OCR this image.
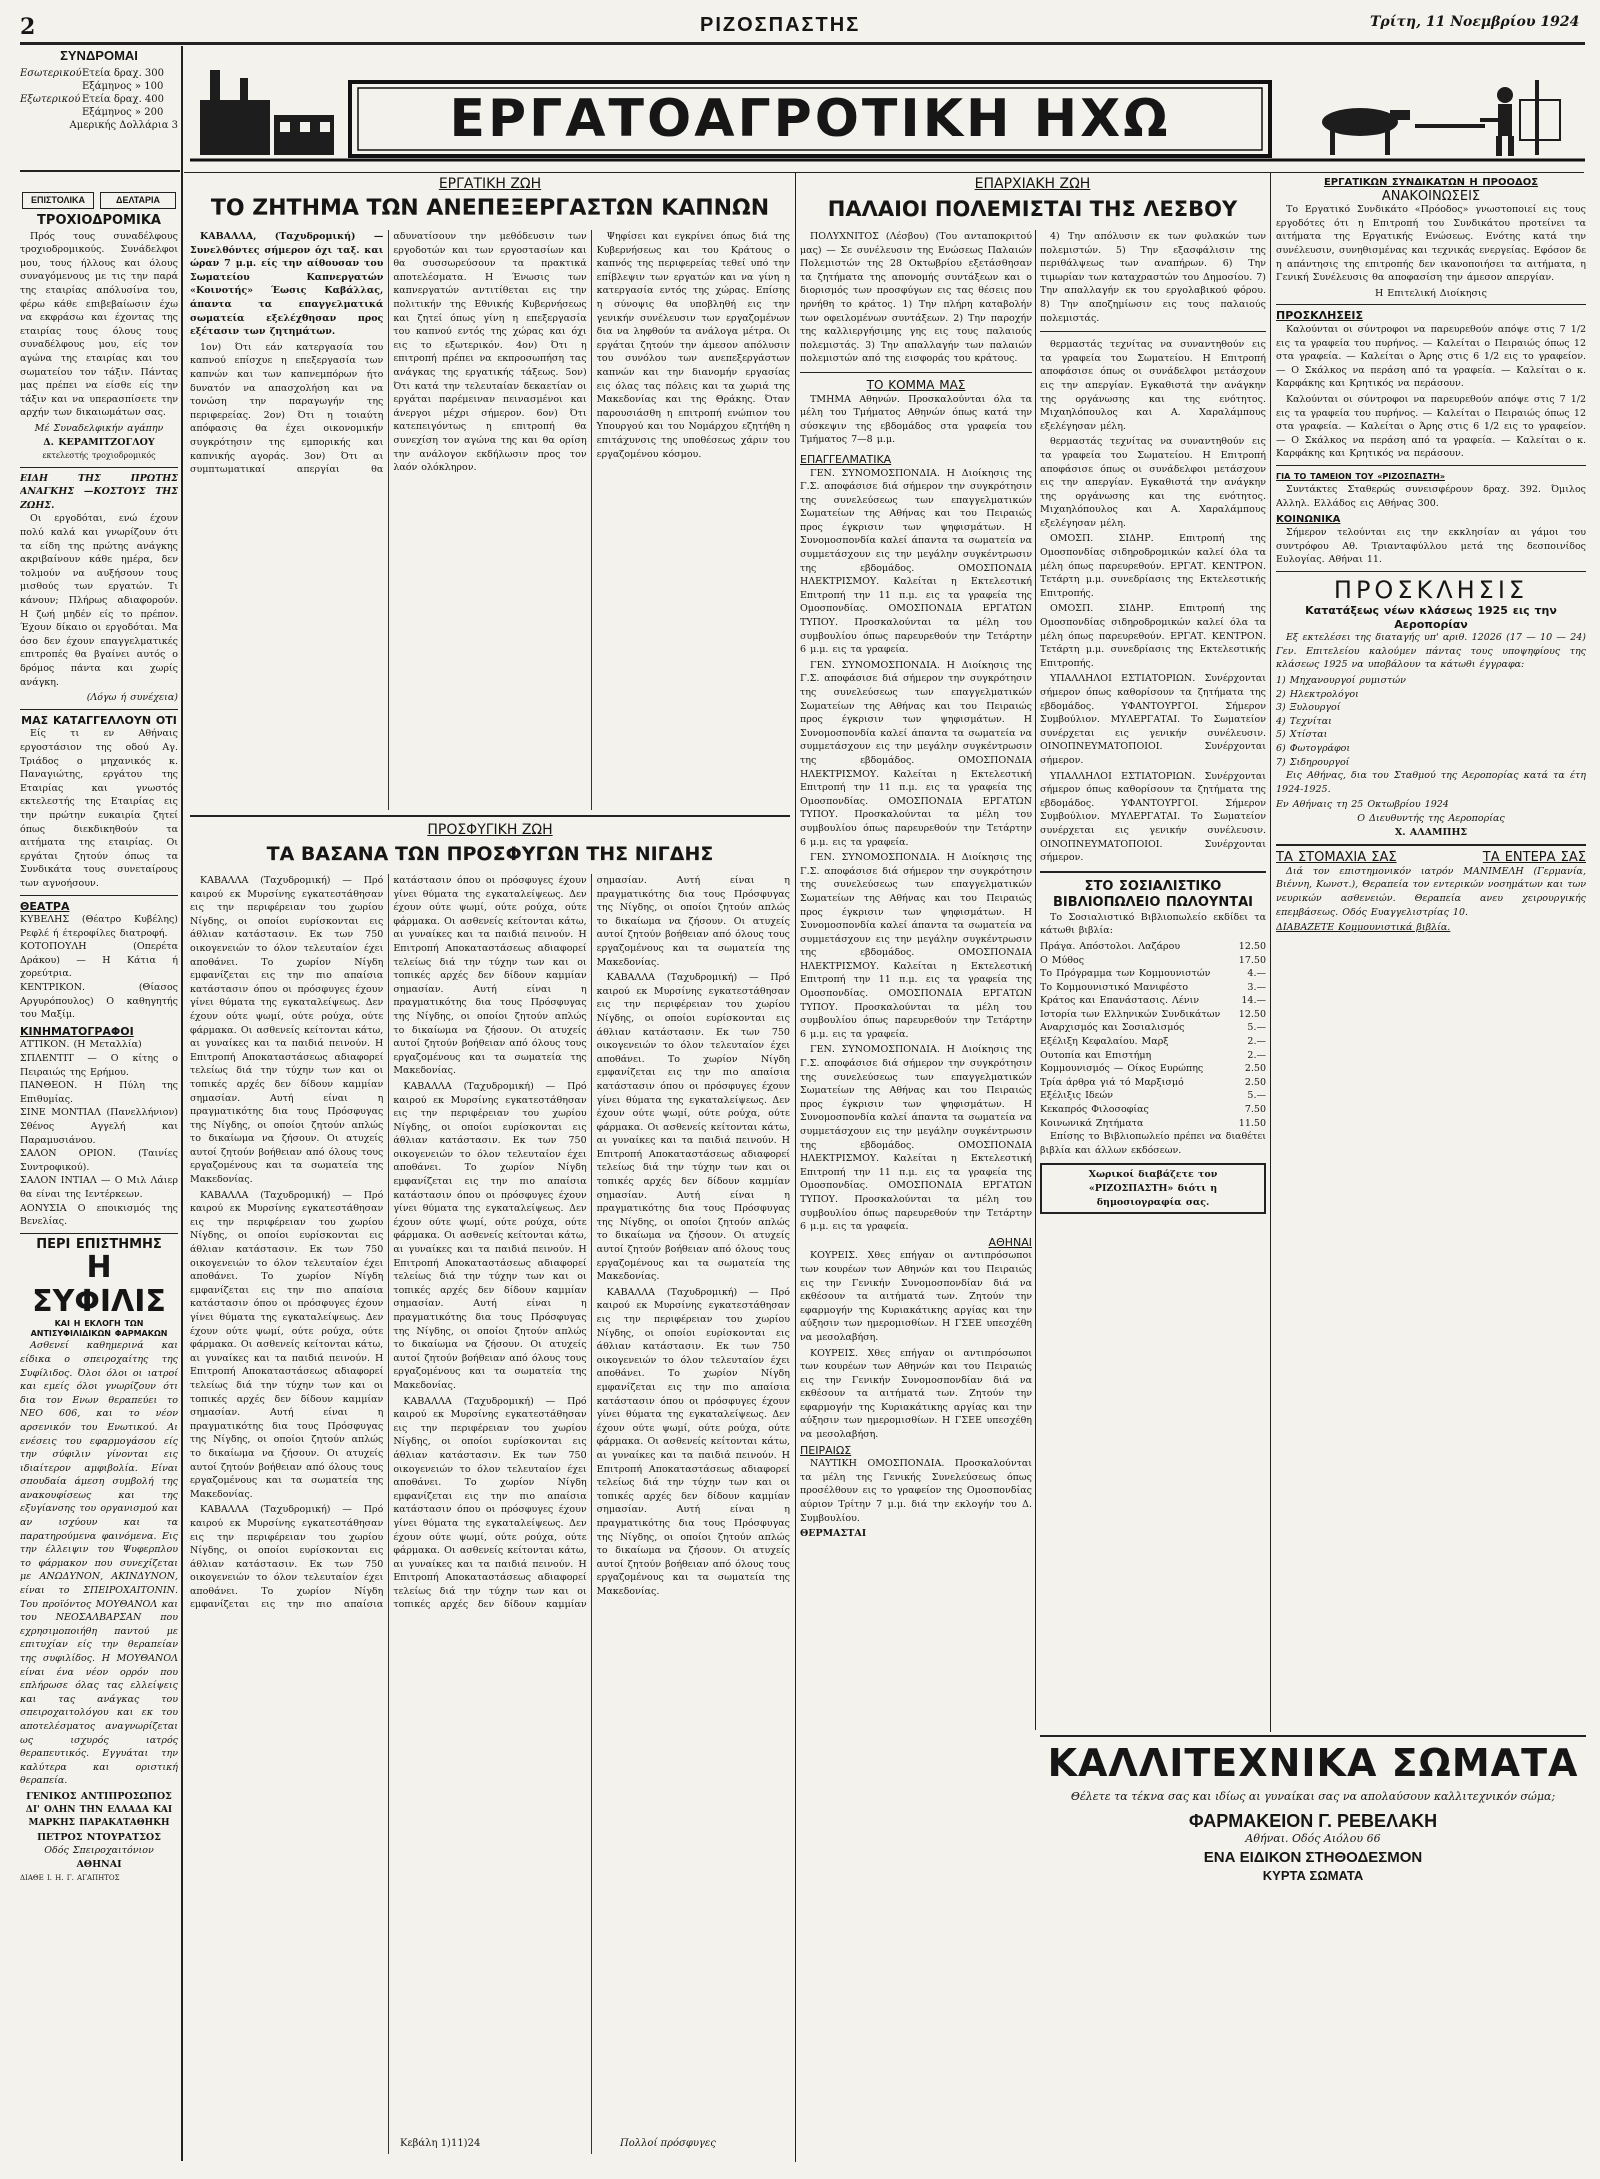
2	ΡΙΖΟΣΠΑΣΤΗΣ	Τρίτη, 11 Νοεμβρίου 1924
ΣΥΝΔΡΟΜΑΙ
Εσωτερικού Ετεία δραχ. 300
Εξάμηνος » 100
Εξωτερικού Ετεία δραχ. 400
Εξάμηνος » 200
Αμερικής Δολλάρια 3
ΕΠΙΣΤΟΛΙΚΑ	ΔΕΛΤΑΡΙΑ
ΕΡΓΑΤΟΑΓΡΟΤΙΚΗ ΗΧΩ
ΤΡΟΧΙΟΔΡΟΜΙΚΑ

Πρός τους συναδέλφους τροχιοδρομικούς. Συνάδελφοι μου, τους ήλλους και όλους συναγόμενους με τις την παρά της εταιρίας απόλυσίνα του, φέρω κάθε επιβεβαίωσιν έχω να εκφράσω και έχοντας της εταιρίας τους όλους τους συναδέλφους μου, είς τον αγώνα της εταιρίας και του σωματείου τον τάξιν. Πάντας μας πρέπει να είσθε είς την τάξιν και να υπερασπίσετε την αρχήν των δικαιωμάτων σας.

Μέ Συναδελφικήν αγάπην
Δ. ΚΕΡΑΜΙΤΖΟΓΛΟΥ
εκτελεστής τροχιοδρομικός
ΕΙΔΗ ΤΗΣ ΠΡΩΤΗΣ ΑΝΑΓΚΗΣ —ΚΟΣΤΟΥΣ ΤΗΣ ΖΩΗΣ.

Οι εργοδόται, ενώ έχουν πολύ καλά και γνωρίζουν ότι τα είδη της πρώτης ανάγκης ακριβαίνουν κάθε ημέρα, δεν τολμούν να αυξήσουν τους μισθούς των εργατών. Τι κάνουν; Πλήρως αδιαφορούν. Η ζωή μηδέν είς το πρέπον. Έχουν δίκαιο οι εργοδόται. Μα όσο δεν έχουν επαγγελματικές επιτροπές θα βγαίνει αυτός ο δρόμος πάντα και χωρίς ανάγκη.

(Λόγω ή συνέχεια)
ΜΑΣ ΚΑΤΑΓΓΕΛΛΟΥΝ ΟΤΙ

Είς τι εν Αθήναις εργοστάσιον της οδού Αγ. Τριάδος ο μηχανικός κ. Παναγιώτης, εργάτου της Εταιρίας και γνωστός εκτελεστής της Εταιρίας εις την πρώτην ευκαιρία ζητεί όπως διεκδικηθούν τα αιτήματα της εταιρίας. Οι εργάται ζητούν όπως τα Συνδικάτα τους συνεταίρους των αγνοήσουν.

ΘΕΑΤΡΑ
ΚΥΒΕΛΗΣ (Θέατρο Κυβέλης) Ρεφλέ ή έτεροφίλες διατροφή.
ΚΟΤΟΠΟΥΛΗ (Οπερέτα Δράκου) — Η Κάτια ή χορεύτρια.
ΚΕΝΤΡΙΚΟΝ. (Θίασος Αργυρόπουλος) Ο καθηγητής του Μαξίμ.
ΚΙΝΗΜΑΤΟΓΡΑΦΟΙ
ΑΤΤΙΚΟΝ. (Η Μεταλλία)
ΣΠΛΕΝΤΙΤ — Ο κίτης ο Πειραιώς της Ερήμου.
ΠΑΝΘΕΟΝ. Η Πύλη της Επιθυμίας.
ΣΙΝΕ ΜΟΝΤΙΑΛ (Πανελλήνιον) Σθένος Αγγελή και Παραμυσιάνου.
ΣΑΛΟΝ ΟΡΙΟΝ. (Ταινίες Συντροφικού).
ΣΑΛΟΝ ΙΝΤΙΑΛ — Ο Μιλ Λάιερ θα είναι της Ιεντέρκεων.
ΑΟΝΥΣΙΑ Ο εποικισμός της Βενελίας.
ΠΕΡΙ ΕΠΙΣΤΗΜΗΣ
Η ΣΥΦΙΛΙΣ
ΚΑΙ Η ΕΚΛΟΓΗ ΤΩΝ ΑΝΤΙΣΥΦΙΛΙΔΙΚΩΝ ΦΑΡΜΑΚΩΝ

Ασθενεί καθημερινά και είδικα ο σπειροχαίτης της Συφίλιδος. Όλοι όλοι οι ιατροί και εμείς όλοι γνωρίζουν ότι δια τον Ενων θεραπεύει το ΝΕΟ 606, και το νέον αρσενικόν του Ενωτικού. Αι ενέσεις του εφαρμογάσου είς την σύφιλιν γίνονται εις ιδιαίτερον αμφιβολία. Είναι σπουδαία άμεση συμβολή της ανακουφίσεως και της εξυγίανσης του οργανισμού και αν ισχύουν και τα παρατηρούμενα φαινόμενα. Εις την έλλειψιν του Ψυφερπλου το φάρμακον που συνεχίζεται με ΑΝΩΔΥΝΟΝ, ΑΚΙΝΔΥΝΟΝ, είναι το ΣΠΕΙΡΟΧΑΙΤΟΝΙΝ. Του προϊόντος ΜΟΥΘΑΝΟΛ και του ΝΕΟΣΑΛΒΑΡΣΑΝ που εχρησιμοποιήθη παντού με επιτυχίαν είς την θεραπείαν της συφιλίδος. Η ΜΟΥΘΑΝΟΛ είναι ένα νέον ορρόν που επλήρωσε όλας τας ελλείψεις και τας ανάγκας του σπειροχαιτολόγου και εκ του αποτελέσματος αναγνωρίζεται ως ισχυρός ιατρός θεραπευτικός. Εγγυάται την καλύτερα και οριστική θεραπεία.

ΓΕΝΙΚΟΣ ΑΝΤΙΠΡΟΣΩΠΟΣ
ΔΙ' ΟΛΗΝ ΤΗΝ ΕΛΛΑΔΑ ΚΑΙ ΜΑΡΚΗΣ ΠΑΡΑΚΑΤΑΘΗΚΗ
ΠΕΤΡΟΣ ΝΤΟΥΡΑΤΣΟΣ
Οδός Σπειροχαιτόνιον
ΑΘΗΝΑΙ
ΔΙΑΘΕ Ι. Η. Γ. ΑΓΑΠΗΤΟΣ
ΕΡΓΑΤΙΚΗ ΖΩΗ
ΤΟ ΖΗΤΗΜΑ ΤΩΝ ΑΝΕΠΕΞΕΡΓΑΣΤΩΝ ΚΑΠΝΩΝ

ΚΑΒΑΛΛΑ, (Ταχυδρομική) — Συνελθόντες σήμερον όχι ταξ. και ώραν 7 μ.μ. είς την αίθουσαν του Σωματείου Καπνεργατών «Κοινοτής» Έωσις Καβάλλας, άπαντα τα επαγγελματικά σωματεία εξελέχθησαν προς εξέτασιν των ζητημάτων.

1ον) Ότι εάν κατεργασία του καπνού επίσχυε η επεξεργασία των καπνών και των καπνεμπόρων ήτο δυνατόν να απασχολήση και να τονώση την παραγωγήν της περιφερείας. 2ον) Ότι η τοιαύτη απόφασις θα έχει οικονομικήν συγκρότησιν της εμπορικής και καπνικής αγοράς. 3ον) Ότι αι συμπτωματικαί απεργίαι θα αδυνατίσουν την μεθόδευσιν των εργοδοτών και των εργοστασίων και θα συσσωρεύσουν τα πρακτικά αποτελέσματα. Η Ένωσις των καπνεργατών αντιτίθεται εις την πολιτικήν της Εθνικής Κυβερνήσεως και ζητεί όπως γίνη η επεξεργασία του καπνού εντός της χώρας και όχι εις το εξωτερικόν. 4ον) Ότι η επιτροπή πρέπει να εκπροσωπήση τας ανάγκας της εργατικής τάξεως. 5ον) Ότι κατά την τελευταίαν δεκαετίαν οι εργάται παρέμειναν πεινασμένοι και άνεργοι μέχρι σήμερον. 6ον) Ότι κατεπειγόντως η επιτροπή θα συνεχίση τον αγώνα της και θα ορίση την ανάλογον εκδήλωσιν προς τον λαόν ολόκληρον.

Ψηφίσει και εγκρίνει όπως διά της Κυβερνήσεως και του Κράτους ο καπνός της περιφερείας τεθεί υπό την επίβλεψιν των εργατών και να γίνη η κατεργασία εντός της χώρας. Επίσης η σύνοψις θα υποβληθή εις την γενικήν συνέλευσιν των εργαζομένων δια να ληφθούν τα ανάλογα μέτρα. Οι εργάται ζητούν την άμεσον απόλυσιν του συνόλου των ανεπεξεργάστων καπνών και την διανομήν εργασίας εις όλας τας πόλεις και τα χωριά της Μακεδονίας και της Θράκης. Όταν παρουσιάσθη η επιτροπή ενώπιον του Υπουργού και του Νομάρχου εζητήθη η επιτάχυνσις της υποθέσεως χάριν του εργαζομένου κόσμου.

ΠΡΟΣΦΥΓΙΚΗ ΖΩΗ
ΤΑ ΒΑΣΑΝΑ ΤΩΝ ΠΡΟΣΦΥΓΩΝ ΤΗΣ ΝΙΓΔΗΣ

ΚΑΒΑΛΛΑ (Ταχυδρομική) — Πρό καιρού εκ Μυρσίνης εγκατεστάθησαν εις την περιφέρειαν του χωρίου Νίγδης, οι οποίοι ευρίσκονται εις άθλιαν κατάστασιν. Εκ των 750 οικογενειών το όλον τελευταίον έχει αποθάνει. Το χωρίον Νίγδη εμφανίζεται εις την πιο απαίσια κατάστασιν όπου οι πρόσφυγες έχουν γίνει θύματα της εγκαταλείψεως. Δεν έχουν ούτε ψωμί, ούτε ρούχα, ούτε φάρμακα. Οι ασθενείς κείτονται κάτω, αι γυναίκες και τα παιδιά πεινούν. Η Επιτροπή Αποκαταστάσεως αδιαφορεί τελείως διά την τύχην των και οι τοπικές αρχές δεν δίδουν καμμίαν σημασίαν. Αυτή είναι η πραγματικότης δια τους Πρόσφυγας της Νίγδης, οι οποίοι ζητούν απλώς το δικαίωμα να ζήσουν. Οι ατυχείς αυτοί ζητούν βοήθειαν από όλους τους εργαζομένους και τα σωματεία της Μακεδονίας.

ΚΑΒΑΛΛΑ (Ταχυδρομική) — Πρό καιρού εκ Μυρσίνης εγκατεστάθησαν εις την περιφέρειαν του χωρίου Νίγδης, οι οποίοι ευρίσκονται εις άθλιαν κατάστασιν. Εκ των 750 οικογενειών το όλον τελευταίον έχει αποθάνει. Το χωρίον Νίγδη εμφανίζεται εις την πιο απαίσια κατάστασιν όπου οι πρόσφυγες έχουν γίνει θύματα της εγκαταλείψεως. Δεν έχουν ούτε ψωμί, ούτε ρούχα, ούτε φάρμακα. Οι ασθενείς κείτονται κάτω, αι γυναίκες και τα παιδιά πεινούν. Η Επιτροπή Αποκαταστάσεως αδιαφορεί τελείως διά την τύχην των και οι τοπικές αρχές δεν δίδουν καμμίαν σημασίαν. Αυτή είναι η πραγματικότης δια τους Πρόσφυγας της Νίγδης, οι οποίοι ζητούν απλώς το δικαίωμα να ζήσουν. Οι ατυχείς αυτοί ζητούν βοήθειαν από όλους τους εργαζομένους και τα σωματεία της Μακεδονίας.

ΚΑΒΑΛΛΑ (Ταχυδρομική) — Πρό καιρού εκ Μυρσίνης εγκατεστάθησαν εις την περιφέρειαν του χωρίου Νίγδης, οι οποίοι ευρίσκονται εις άθλιαν κατάστασιν. Εκ των 750 οικογενειών το όλον τελευταίον έχει αποθάνει. Το χωρίον Νίγδη εμφανίζεται εις την πιο απαίσια κατάστασιν όπου οι πρόσφυγες έχουν γίνει θύματα της εγκαταλείψεως. Δεν έχουν ούτε ψωμί, ούτε ρούχα, ούτε φάρμακα. Οι ασθενείς κείτονται κάτω, αι γυναίκες και τα παιδιά πεινούν. Η Επιτροπή Αποκαταστάσεως αδιαφορεί τελείως διά την τύχην των και οι τοπικές αρχές δεν δίδουν καμμίαν σημασίαν. Αυτή είναι η πραγματικότης δια τους Πρόσφυγας της Νίγδης, οι οποίοι ζητούν απλώς το δικαίωμα να ζήσουν. Οι ατυχείς αυτοί ζητούν βοήθειαν από όλους τους εργαζομένους και τα σωματεία της Μακεδονίας.

ΚΑΒΑΛΛΑ (Ταχυδρομική) — Πρό καιρού εκ Μυρσίνης εγκατεστάθησαν εις την περιφέρειαν του χωρίου Νίγδης, οι οποίοι ευρίσκονται εις άθλιαν κατάστασιν. Εκ των 750 οικογενειών το όλον τελευταίον έχει αποθάνει. Το χωρίον Νίγδη εμφανίζεται εις την πιο απαίσια κατάστασιν όπου οι πρόσφυγες έχουν γίνει θύματα της εγκαταλείψεως. Δεν έχουν ούτε ψωμί, ούτε ρούχα, ούτε φάρμακα. Οι ασθενείς κείτονται κάτω, αι γυναίκες και τα παιδιά πεινούν. Η Επιτροπή Αποκαταστάσεως αδιαφορεί τελείως διά την τύχην των και οι τοπικές αρχές δεν δίδουν καμμίαν σημασίαν. Αυτή είναι η πραγματικότης δια τους Πρόσφυγας της Νίγδης, οι οποίοι ζητούν απλώς το δικαίωμα να ζήσουν. Οι ατυχείς αυτοί ζητούν βοήθειαν από όλους τους εργαζομένους και τα σωματεία της Μακεδονίας.

ΚΑΒΑΛΛΑ (Ταχυδρομική) — Πρό καιρού εκ Μυρσίνης εγκατεστάθησαν εις την περιφέρειαν του χωρίου Νίγδης, οι οποίοι ευρίσκονται εις άθλιαν κατάστασιν. Εκ των 750 οικογενειών το όλον τελευταίον έχει αποθάνει. Το χωρίον Νίγδη εμφανίζεται εις την πιο απαίσια κατάστασιν όπου οι πρόσφυγες έχουν γίνει θύματα της εγκαταλείψεως. Δεν έχουν ούτε ψωμί, ούτε ρούχα, ούτε φάρμακα. Οι ασθενείς κείτονται κάτω, αι γυναίκες και τα παιδιά πεινούν. Η Επιτροπή Αποκαταστάσεως αδιαφορεί τελείως διά την τύχην των και οι τοπικές αρχές δεν δίδουν καμμίαν σημασίαν. Αυτή είναι η πραγματικότης δια τους Πρόσφυγας της Νίγδης, οι οποίοι ζητούν απλώς το δικαίωμα να ζήσουν. Οι ατυχείς αυτοί ζητούν βοήθειαν από όλους τους εργαζομένους και τα σωματεία της Μακεδονίας.

ΚΑΒΑΛΛΑ (Ταχυδρομική) — Πρό καιρού εκ Μυρσίνης εγκατεστάθησαν εις την περιφέρειαν του χωρίου Νίγδης, οι οποίοι ευρίσκονται εις άθλιαν κατάστασιν. Εκ των 750 οικογενειών το όλον τελευταίον έχει αποθάνει. Το χωρίον Νίγδη εμφανίζεται εις την πιο απαίσια κατάστασιν όπου οι πρόσφυγες έχουν γίνει θύματα της εγκαταλείψεως. Δεν έχουν ούτε ψωμί, ούτε ρούχα, ούτε φάρμακα. Οι ασθενείς κείτονται κάτω, αι γυναίκες και τα παιδιά πεινούν. Η Επιτροπή Αποκαταστάσεως αδιαφορεί τελείως διά την τύχην των και οι τοπικές αρχές δεν δίδουν καμμίαν σημασίαν. Αυτή είναι η πραγματικότης δια τους Πρόσφυγας της Νίγδης, οι οποίοι ζητούν απλώς το δικαίωμα να ζήσουν. Οι ατυχείς αυτοί ζητούν βοήθειαν από όλους τους εργαζομένους και τα σωματεία της Μακεδονίας.

ΚΑΒΑΛΛΑ (Ταχυδρομική) — Πρό καιρού εκ Μυρσίνης εγκατεστάθησαν εις την περιφέρειαν του χωρίου Νίγδης, οι οποίοι ευρίσκονται εις άθλιαν κατάστασιν. Εκ των 750 οικογενειών το όλον τελευταίον έχει αποθάνει. Το χωρίον Νίγδη εμφανίζεται εις την πιο απαίσια κατάστασιν όπου οι πρόσφυγες έχουν γίνει θύματα της εγκαταλείψεως. Δεν έχουν ούτε ψωμί, ούτε ρούχα, ούτε φάρμακα. Οι ασθενείς κείτονται κάτω, αι γυναίκες και τα παιδιά πεινούν. Η Επιτροπή Αποκαταστάσεως αδιαφορεί τελείως διά την τύχην των και οι τοπικές αρχές δεν δίδουν καμμίαν σημασίαν. Αυτή είναι η πραγματικότης δια τους Πρόσφυγας της Νίγδης, οι οποίοι ζητούν απλώς το δικαίωμα να ζήσουν. Οι ατυχείς αυτοί ζητούν βοήθειαν από όλους τους εργαζομένους και τα σωματεία της Μακεδονίας.

Κεβάλη 1)11)24	Πολλοί πρόσφυγες
ΕΠΑΡΧΙΑΚΗ ΖΩΗ
ΠΑΛΑΙΟΙ ΠΟΛΕΜΙΣΤΑΙ ΤΗΣ ΛΕΣΒΟΥ

ΠΟΛΥΧΝΙΤΟΣ (Λέσβου) (Του ανταποκριτού μας) — Σε συνέλευσιν της Ενώσεως Παλαιών Πολεμιστών της 28 Οκτωβρίου εξετάσθησαν τα ζητήματα της απονομής συντάξεων και ο διορισμός των προσφύγων εις τας θέσεις που ηρνήθη το κράτος. 1) Την πλήρη καταβολήν των οφειλομένων συντάξεων. 2) Την παροχήν της καλλιεργήσιμης γης εις τους παλαιούς πολεμιστάς. 3) Την απαλλαγήν των παλαιών πολεμιστών από της εισφοράς του κράτους.

ΤΟ ΚΟΜΜΑ ΜΑΣ

ΤΜΗΜΑ Αθηνών. Προσκαλούνται όλα τα μέλη του Τμήματος Αθηνών όπως κατά την σύσκεψιν της εβδομάδος στα γραφεία του Τμήματος 7—8 μ.μ.

ΕΠΑΓΓΕΛΜΑΤΙΚΑ

ΓΕΝ. ΣΥΝΟΜΟΣΠΟΝΔΙΑ. Η Διοίκησις της Γ.Σ. αποφάσισε διά σήμερον την συγκρότησιν της συνελεύσεως των επαγγελματικών Σωματείων της Αθήνας και του Πειραιώς προς έγκρισιν των ψηφισμάτων. Η Συνομοσπονδία καλεί άπαντα τα σωματεία να συμμετάσχουν εις την μεγάλην συγκέντρωσιν της εβδομάδος. ΟΜΟΣΠΟΝΔΙΑ ΗΛΕΚΤΡΙΣΜΟΥ. Καλείται η Εκτελεστική Επιτροπή την 11 π.μ. εις τα γραφεία της Ομοσπονδίας. ΟΜΟΣΠΟΝΔΙΑ ΕΡΓΑΤΩΝ ΤΥΠΟΥ. Προσκαλούνται τα μέλη του συμβουλίου όπως παρευρεθούν την Τετάρτην 6 μ.μ. εις τα γραφεία.

ΓΕΝ. ΣΥΝΟΜΟΣΠΟΝΔΙΑ. Η Διοίκησις της Γ.Σ. αποφάσισε διά σήμερον την συγκρότησιν της συνελεύσεως των επαγγελματικών Σωματείων της Αθήνας και του Πειραιώς προς έγκρισιν των ψηφισμάτων. Η Συνομοσπονδία καλεί άπαντα τα σωματεία να συμμετάσχουν εις την μεγάλην συγκέντρωσιν της εβδομάδος. ΟΜΟΣΠΟΝΔΙΑ ΗΛΕΚΤΡΙΣΜΟΥ. Καλείται η Εκτελεστική Επιτροπή την 11 π.μ. εις τα γραφεία της Ομοσπονδίας. ΟΜΟΣΠΟΝΔΙΑ ΕΡΓΑΤΩΝ ΤΥΠΟΥ. Προσκαλούνται τα μέλη του συμβουλίου όπως παρευρεθούν την Τετάρτην 6 μ.μ. εις τα γραφεία.

ΓΕΝ. ΣΥΝΟΜΟΣΠΟΝΔΙΑ. Η Διοίκησις της Γ.Σ. αποφάσισε διά σήμερον την συγκρότησιν της συνελεύσεως των επαγγελματικών Σωματείων της Αθήνας και του Πειραιώς προς έγκρισιν των ψηφισμάτων. Η Συνομοσπονδία καλεί άπαντα τα σωματεία να συμμετάσχουν εις την μεγάλην συγκέντρωσιν της εβδομάδος. ΟΜΟΣΠΟΝΔΙΑ ΗΛΕΚΤΡΙΣΜΟΥ. Καλείται η Εκτελεστική Επιτροπή την 11 π.μ. εις τα γραφεία της Ομοσπονδίας. ΟΜΟΣΠΟΝΔΙΑ ΕΡΓΑΤΩΝ ΤΥΠΟΥ. Προσκαλούνται τα μέλη του συμβουλίου όπως παρευρεθούν την Τετάρτην 6 μ.μ. εις τα γραφεία.

ΓΕΝ. ΣΥΝΟΜΟΣΠΟΝΔΙΑ. Η Διοίκησις της Γ.Σ. αποφάσισε διά σήμερον την συγκρότησιν της συνελεύσεως των επαγγελματικών Σωματείων της Αθήνας και του Πειραιώς προς έγκρισιν των ψηφισμάτων. Η Συνομοσπονδία καλεί άπαντα τα σωματεία να συμμετάσχουν εις την μεγάλην συγκέντρωσιν της εβδομάδος. ΟΜΟΣΠΟΝΔΙΑ ΗΛΕΚΤΡΙΣΜΟΥ. Καλείται η Εκτελεστική Επιτροπή την 11 π.μ. εις τα γραφεία της Ομοσπονδίας. ΟΜΟΣΠΟΝΔΙΑ ΕΡΓΑΤΩΝ ΤΥΠΟΥ. Προσκαλούνται τα μέλη του συμβουλίου όπως παρευρεθούν την Τετάρτην 6 μ.μ. εις τα γραφεία.

ΑΘΗΝΑΙ

ΚΟΥΡΕΙΣ. Χθες επήγαν οι αντιπρόσωποι των κουρέων των Αθηνών και του Πειραιώς εις την Γενικήν Συνομοσπονδίαν διά να εκθέσουν τα αιτήματά των. Ζητούν την εφαρμογήν της Κυριακάτικης αργίας και την αύξησιν των ημερομισθίων. Η ΓΣΕΕ υπεσχέθη να μεσολαβήση.

ΚΟΥΡΕΙΣ. Χθες επήγαν οι αντιπρόσωποι των κουρέων των Αθηνών και του Πειραιώς εις την Γενικήν Συνομοσπονδίαν διά να εκθέσουν τα αιτήματά των. Ζητούν την εφαρμογήν της Κυριακάτικης αργίας και την αύξησιν των ημερομισθίων. Η ΓΣΕΕ υπεσχέθη να μεσολαβήση.

ΠΕΙΡΑΙΩΣ

ΝΑΥΤΙΚΗ ΟΜΟΣΠΟΝΔΙΑ. Προσκαλούνται τα μέλη της Γενικής Συνελεύσεως όπως προσέλθουν εις το γραφείον της Ομοσπονδίας αύριον Τρίτην 7 μ.μ. διά την εκλογήν του Δ. Συμβουλίου.

ΘΕΡΜΑΣΤΑΙ

4) Την απόλυσιν εκ των φυλακών των πολεμιστών. 5) Την εξασφάλισιν της περιθάλψεως των αναπήρων. 6) Την τιμωρίαν των καταχραστών του Δημοσίου. 7) Την απαλλαγήν εκ του εργολαβικού φόρου. 8) Την αποζημίωσιν εις τους παλαιούς πολεμιστάς.

θερμαστάς τεχνίτας να συναντηθούν εις τα γραφεία του Σωματείου. Η Επιτροπή αποφάσισε όπως οι συνάδελφοι μετάσχουν εις την απεργίαν. Εγκαθιστά την ανάγκην της οργάνωσης και της ενότητος. Μιχαηλόπουλος και Α. Χαραλάμπους εξελέγησαν μέλη.

θερμαστάς τεχνίτας να συναντηθούν εις τα γραφεία του Σωματείου. Η Επιτροπή αποφάσισε όπως οι συνάδελφοι μετάσχουν εις την απεργίαν. Εγκαθιστά την ανάγκην της οργάνωσης και της ενότητος. Μιχαηλόπουλος και Α. Χαραλάμπους εξελέγησαν μέλη.

ΟΜΟΣΠ. ΣΙΔΗΡ. Επιτροπή της Ομοσπονδίας σιδηροδρομικών καλεί όλα τα μέλη όπως παρευρεθούν. ΕΡΓΑΤ. ΚΕΝΤΡΟΝ. Τετάρτη μ.μ. συνεδρίασις της Εκτελεστικής Επιτροπής.

ΟΜΟΣΠ. ΣΙΔΗΡ. Επιτροπή της Ομοσπονδίας σιδηροδρομικών καλεί όλα τα μέλη όπως παρευρεθούν. ΕΡΓΑΤ. ΚΕΝΤΡΟΝ. Τετάρτη μ.μ. συνεδρίασις της Εκτελεστικής Επιτροπής.

ΥΠΑΛΛΗΛΟΙ ΕΣΤΙΑΤΟΡΙΩΝ. Συνέρχονται σήμερον όπως καθορίσουν τα ζητήματα της εβδομάδος. ΥΦΑΝΤΟΥΡΓΟΙ. Σήμερον Συμβούλιον. ΜΥΛΕΡΓΑΤΑΙ. Το Σωματείον συνέρχεται εις γενικήν συνέλευσιν. ΟΙΝΟΠΝΕΥΜΑΤΟΠΟΙΟΙ. Συνέρχονται σήμερον.

ΥΠΑΛΛΗΛΟΙ ΕΣΤΙΑΤΟΡΙΩΝ. Συνέρχονται σήμερον όπως καθορίσουν τα ζητήματα της εβδομάδος. ΥΦΑΝΤΟΥΡΓΟΙ. Σήμερον Συμβούλιον. ΜΥΛΕΡΓΑΤΑΙ. Το Σωματείον συνέρχεται εις γενικήν συνέλευσιν. ΟΙΝΟΠΝΕΥΜΑΤΟΠΟΙΟΙ. Συνέρχονται σήμερον.

ΣΤΟ ΣΟΣΙΑΛΙΣΤΙΚΟ ΒΙΒΛΙΟΠΩΛΕΙΟ ΠΩΛΟΥΝΤΑΙ

Το Σοσιαλιστικό Βιβλιοπωλείο εκδίδει τα κάτωθι βιβλία:

Πράγα. Απόστολοι. Λαζάρου	12.50
Ο Μύθος	17.50
Το Πρόγραμμα των Κομμουνιστών	4.—
Το Κομμουνιστικό Μανιφέστο	3.—
Κράτος και Επανάστασις. Λένιν	14.—
Ιστορία των Ελληνικών Συνδικάτων 12.50
Αναρχισμός και Σοσιαλισμός	5.—
Εξέλιξη Κεφαλαίου. Μαρξ	2.—
Ουτοπία και Επιστήμη	2.—
Κομμουνισμός — Οίκος Ευρώπης	2.50
Τρία άρθρα γιά τό Μαρξισμό	2.50
Εξέλιξις Ιδεών	5.—
Κεκαπρός Φιλοσοφίας	7.50
Κοινωνικά Ζητήματα	11.50

Επίσης το Βιβλιοπωλείο πρέπει να διαθέτει βιβλία και άλλων εκδόσεων.

Χωρικοί διαβάζετε τον «ΡΙΖΟΣΠΑΣΤΗ» διότι η δημοσιογραφία σας.
ΕΡΓΑΤΙΚΩΝ ΣΥΝΔΙΚΑΤΩΝ Η ΠΡΟΟΔΟΣ
ΑΝΑΚΟΙΝΩΣΕΙΣ

Το Εργατικό Συνδικάτο «Πρόοδος» γνωστοποιεί εις τους εργοδότες ότι η Επιτροπή του Συνδικάτου προτείνει τα αιτήματα της Εργατικής Ενώσεως. Ενότης κατά την συνέλευσιν, συνηθισμένας και τεχνικάς ενεργείας. Εφόσον δε η απάντησις της επιτροπής δεν ικανοποιήσει τα αιτήματα, η Γενική Συνέλευσις θα αποφασίση την άμεσον απεργίαν.

Η Επιτελική Διοίκησις
ΠΡΟΣΚΛΗΣΕΙΣ

Καλούνται οι σύντροφοι να παρευρεθούν απόψε στις 7 1/2 εις τα γραφεία του πυρήνος. — Καλείται ο Πειραιώς όπως 12 στα γραφεία. — Καλείται ο Άρης στις 6 1/2 εις το γραφείον. — Ο Σκάλκος να περάση από τα γραφεία. — Καλείται ο κ. Καρφάκης και Κρητικός να περάσουν.

Καλούνται οι σύντροφοι να παρευρεθούν απόψε στις 7 1/2 εις τα γραφεία του πυρήνος. — Καλείται ο Πειραιώς όπως 12 στα γραφεία. — Καλείται ο Άρης στις 6 1/2 εις το γραφείον. — Ο Σκάλκος να περάση από τα γραφεία. — Καλείται ο κ. Καρφάκης και Κρητικός να περάσουν.

ΓΙΑ ΤΟ ΤΑΜΕΙΟΝ ΤΟΥ «ΡΙΖΟΣΠΑΣΤΗ»

Συντάκτες Σταθερώς συνεισφέρουν δραχ. 392. Όμιλος Αλληλ. Ελλάδος εις Αθήνας 300.

ΚΟΙΝΩΝΙΚΑ

Σήμερον τελούνται εις την εκκλησίαν αι γάμοι του συντρόφου Αθ. Τριανταφύλλου μετά της δεσποινίδος Ευλογίας. Αθήναι 11.

ΠΡΟΣΚΛΗΣΙΣ
Κατατάξεως νέων κλάσεως 1925 εις την Αεροπορίαν

Εξ εκτελέσει της διαταγής υπ' αριθ. 12026 (17 — 10 — 24) Γεν. Επιτελείου καλούμεν πάντας τους υποψηφίους της κλάσεως 1925 να υποβάλουν τα κάτωθι έγγραφα:

1) Μηχανουργοί ρυμιστών
2) Ηλεκτρολόγοι
3) Ξυλουργοί
4) Τεχνίται
5) Χτίσται
6) Φωτογράφοι
7) Σιδηρουργοί

Εις Αθήνας, δια του Σταθμού της Αεροπορίας κατά τα έτη 1924-1925.

Εν Αθήναις τη 25 Οκτωβρίου 1924
Ο Διευθυντής της Αεροπορίας
Χ. ΑΛΑΜΠΗΣ
ΤΑ ΣΤΟΜΑΧΙΑ ΣΑΣ	ΤΑ ΕΝΤΕΡΑ ΣΑΣ

Διά τον επιστημονικόν ιατρόν ΜΑΝΙΜΕΛΗ (Γερμανία, Βιέννη, Κωνστ.), Θεραπεία τον εντερικών νοσημάτων και των νευρικών ασθενειών. Θεραπεία ανευ χειρουργικής επεμβάσεως. Οδός Ευαγγελιστρίας 10.

ΔΙΑΒΑΖΕΤΕ Κομμουνιστικά βιβλία.
ΚΑΛΛΙΤΕΧΝΙΚΑ ΣΩΜΑΤΑ
Θέλετε τα τέκνα σας και ιδίως αι γυναίκαι σας να απολαύσουν καλλιτεχνικόν σώμα;
ΦΑΡΜΑΚΕΙΟΝ Γ. ΡΕΒΕΛΑΚΗ
Αθήναι. Οδός Αιόλου 66
ΕΝΑ ΕΙΔΙΚΟΝ ΣΤΗΘΟΔΕΣΜΟΝ
ΚΥΡΤΑ ΣΩΜΑΤΑ
